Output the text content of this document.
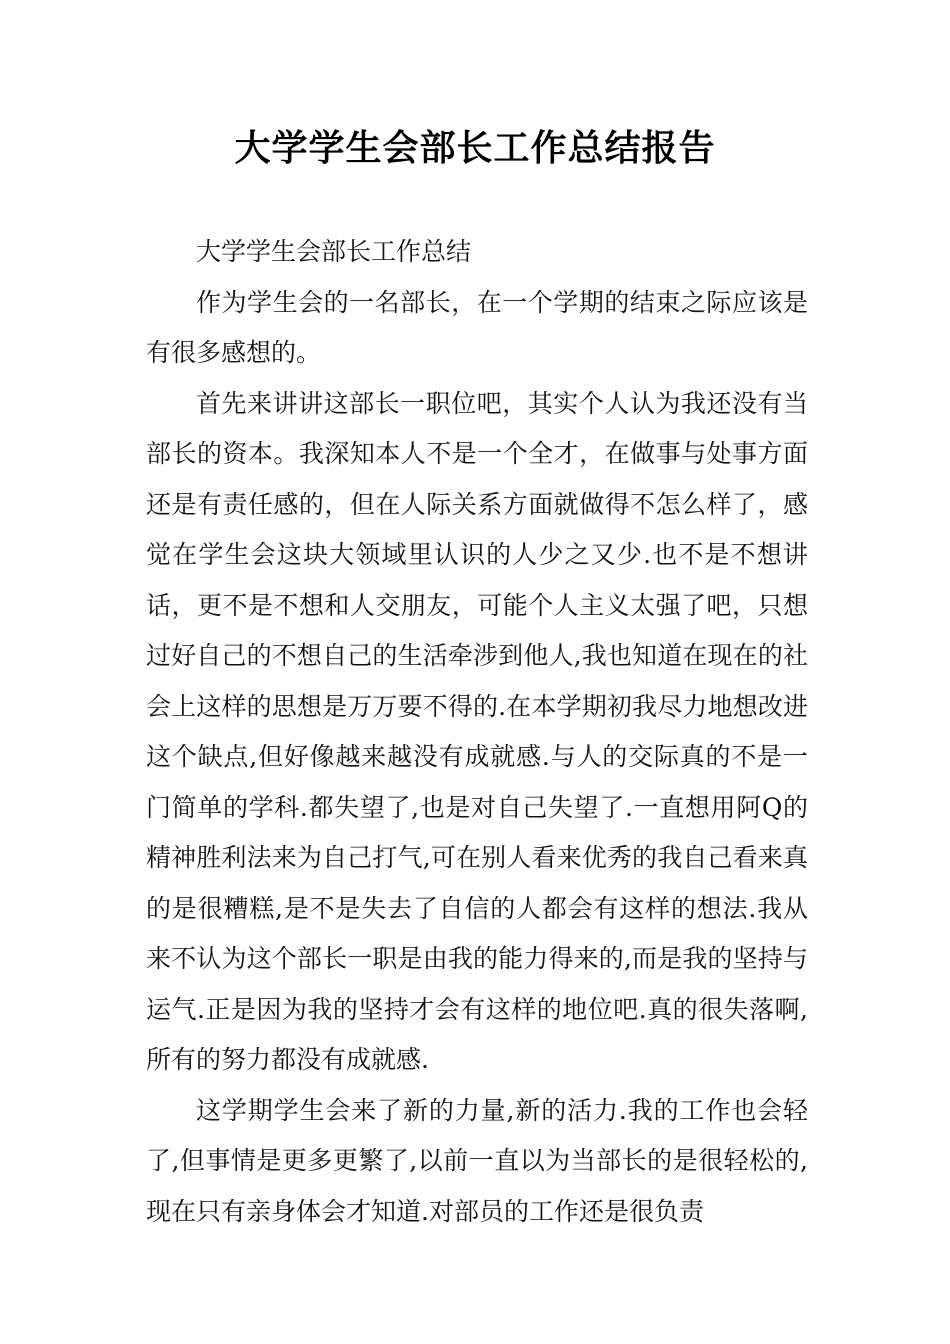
大学学生会部长工作总结报告

大学学生会部长工作总结

作为学生会的一名部长，在一个学期的结束之际应该是有很多感想的。

首先来讲讲这部长一职位吧，其实个人认为我还没有当部长的资本。我深知本人不是一个全才，在做事与处事方面还是有责任感的，但在人际关系方面就做得不怎么样了，感觉在学生会这块大领域里认识的人少之又少.也不是不想讲话，更不是不想和人交朋友，可能个人主义太强了吧，只想过好自己的不想自己的生活牵涉到他人,我也知道在现在的社会上这样的思想是万万要不得的.在本学期初我尽力地想改进这个缺点,但好像越来越没有成就感.与人的交际真的不是一门简单的学科.都失望了,也是对自己失望了.一直想用阿Q的精神胜利法来为自己打气,可在别人看来优秀的我自己看来真的是很糟糕,是不是失去了自信的人都会有这样的想法.我从来不认为这个部长一职是由我的能力得来的,而是我的坚持与运气.正是因为我的坚持才会有这样的地位吧.真的很失落啊,所有的努力都没有成就感.

这学期学生会来了新的力量,新的活力.我的工作也会轻了,但事情是更多更繁了,以前一直以为当部长的是很轻松的,现在只有亲身体会才知道.对部员的工作还是很负责
